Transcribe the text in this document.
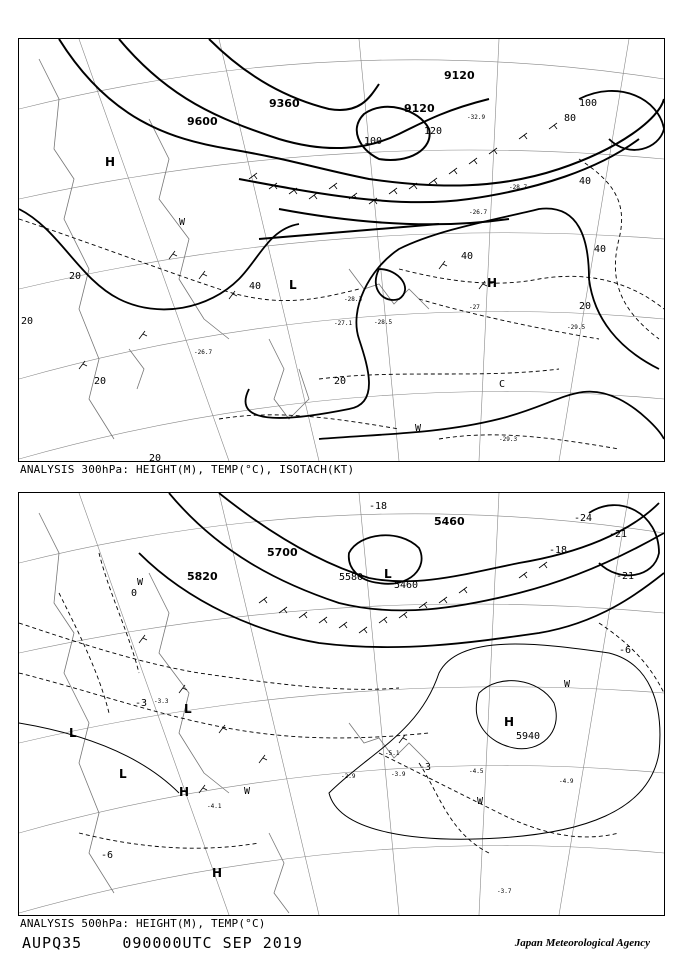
9600
9360
9120
9120
20
20
20	20
20
20
40
40
40
40
80
100
100
120
H
H
L
W
W
C
-26.7
-28.3
-28.5
-27.1
-29.3
-32.9
-27
-28.7
-26.7
-29.5
ANALYSIS 300hPa: HEIGHT(M), TEMP(°C), ISOTACH(KT)
5700
5820
5460
5580
5460
5940
-24
-21
-21
-18
-18
-3
-3
-6
-6
0
L
L
L
L
H
H
H
W
W
W
W
-5.1
-3.9	-4.5
-4.9
-3.7
-4.1
-2.9
-3.3
ANALYSIS 500hPa: HEIGHT(M), TEMP(°C)
AUPQ35	090000UTC SEP 2019	Japan Meteorological Agency
